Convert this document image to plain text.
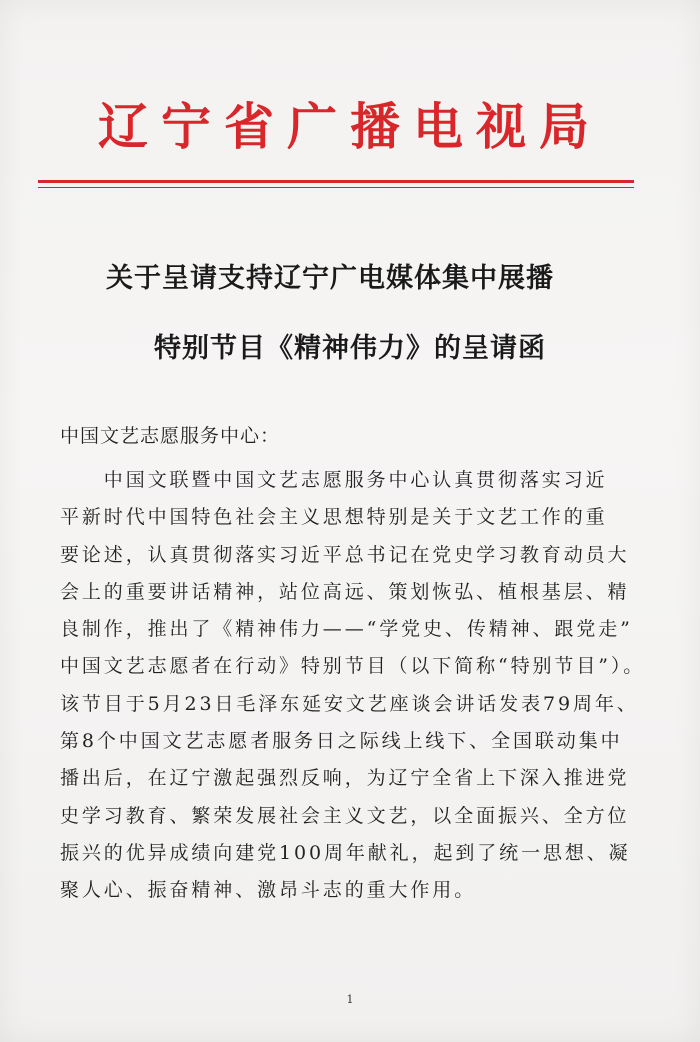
辽宁省广播电视局
关于呈请支持辽宁广电媒体集中展播
特别节目《精神伟力》的呈请函
中国文艺志愿服务中心：
　　中国文联暨中国文艺志愿服务中心认真贯彻落实习近
平新时代中国特色社会主义思想特别是关于文艺工作的重
要论述，认真贯彻落实习近平总书记在党史学习教育动员大
会上的重要讲话精神，站位高远、策划恢弘、植根基层、精
良制作，推出了《精神伟力——“学党史、传精神、跟党走”
中国文艺志愿者在行动》特别节目（以下简称“特别节目”）。
该节目于5月23日毛泽东延安文艺座谈会讲话发表79周年、
第8个中国文艺志愿者服务日之际线上线下、全国联动集中
播出后，在辽宁激起强烈反响，为辽宁全省上下深入推进党
史学习教育、繁荣发展社会主义文艺，以全面振兴、全方位
振兴的优异成绩向建党100周年献礼，起到了统一思想、凝
聚人心、振奋精神、激昂斗志的重大作用。
1
